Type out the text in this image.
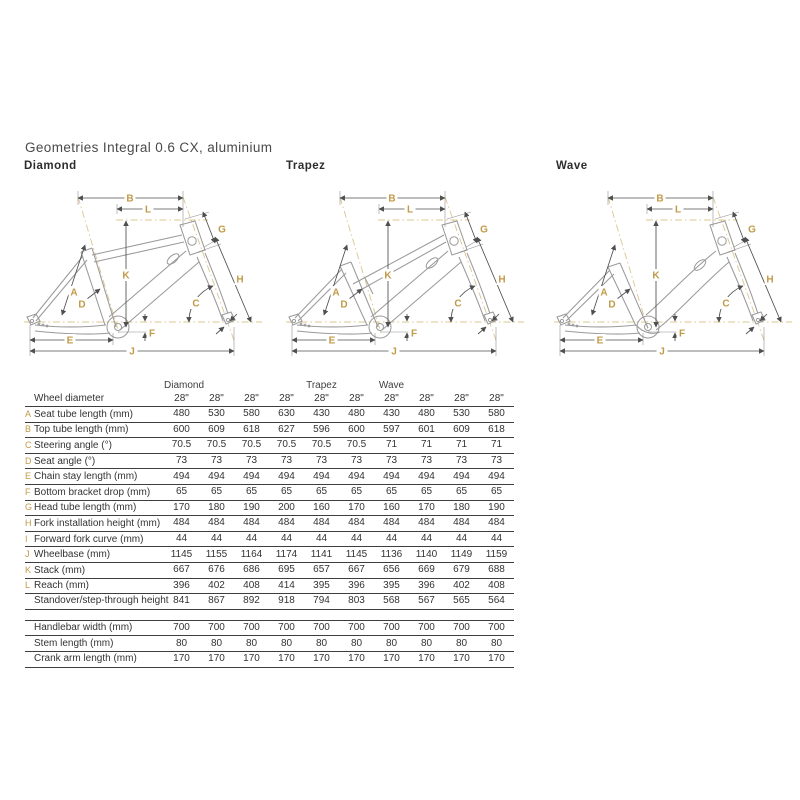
Geometries Integral 0.6 CX, aluminium
Diamond	Trapez	Wave
B
L
K
A
D	C
H
G
E
F
J
B
L
K
A
D	C
H
G
E
F
J
B
L
K
A
D	C
H
G
E
F
J
	Diamond				Trapez		Wave			
Wheel diameter	28"	28"	28"	28"	28"	28"	28"	28"	28"	28"
A Seat tube length (mm)	480	530	580	630	430	480	430	480	530	580
B Top tube length (mm)	600	609	618	627	596	600	597	601	609	618
C Steering angle (°)	70.5	70.5	70.5	70.5	70.5	70.5	71	71	71	71
D Seat angle (°)	73	73	73	73	73	73	73	73	73	73
E Chain stay length (mm)	494	494	494	494	494	494	494	494	494	494
F Bottom bracket drop (mm)	65	65	65	65	65	65	65	65	65	65
G Head tube length (mm)	170	180	190	200	160	170	160	170	180	190
H Fork installation height (mm)	484	484	484	484	484	484	484	484	484	484
I Forward fork curve (mm)	44	44	44	44	44	44	44	44	44	44
J Wheelbase (mm)	1145	1155	1164	1174	1141	1145	1136	1140	1149	1159
K Stack (mm)	667	676	686	695	657	667	656	669	679	688
L Reach (mm)	396	402	408	414	395	396	395	396	402	408
Standover/step-through height	841	867	892	918	794	803	568	567	565	564

Handlebar width (mm)	700	700	700	700	700	700	700	700	700	700
Stem length (mm)	80	80	80	80	80	80	80	80	80	80
Crank arm length (mm)	170	170	170	170	170	170	170	170	170	170
